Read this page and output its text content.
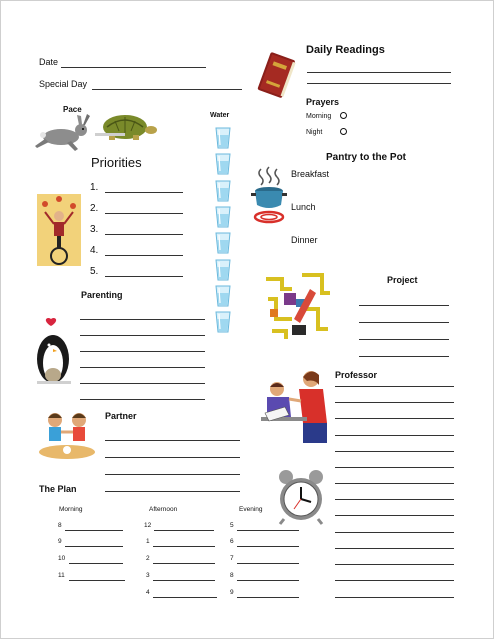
Date
Special Day
Pace
Priorities
1.
2.
3.
4.
5.
Water
Parenting
Partner
The Plan
Morning	Afternoon	Evening
8
9
10
11
12
1
2
3
4
5
6
7
8
9
Daily Readings
Prayers
Morning
Night
Pantry to the Pot
Breakfast
Lunch
Dinner
Project
Professor
